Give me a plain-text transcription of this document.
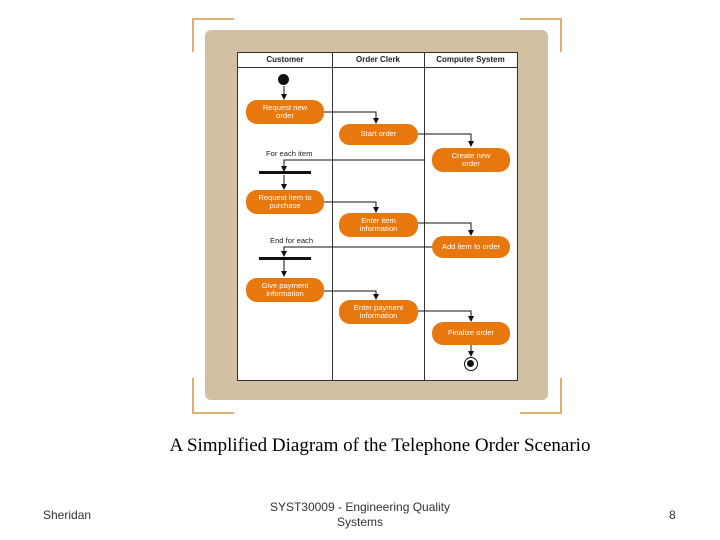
Customer	Order Clerk	Computer System
Request new order
Start order
Create new order
For each item
Request item to purchase
Enter item information
Add item to order
End for each
Give payment information
Enter payment information
Finalize order
A Simplified Diagram of the Telephone Order Scenario
Sheridan
SYST30009 - Engineering Quality Systems	8
